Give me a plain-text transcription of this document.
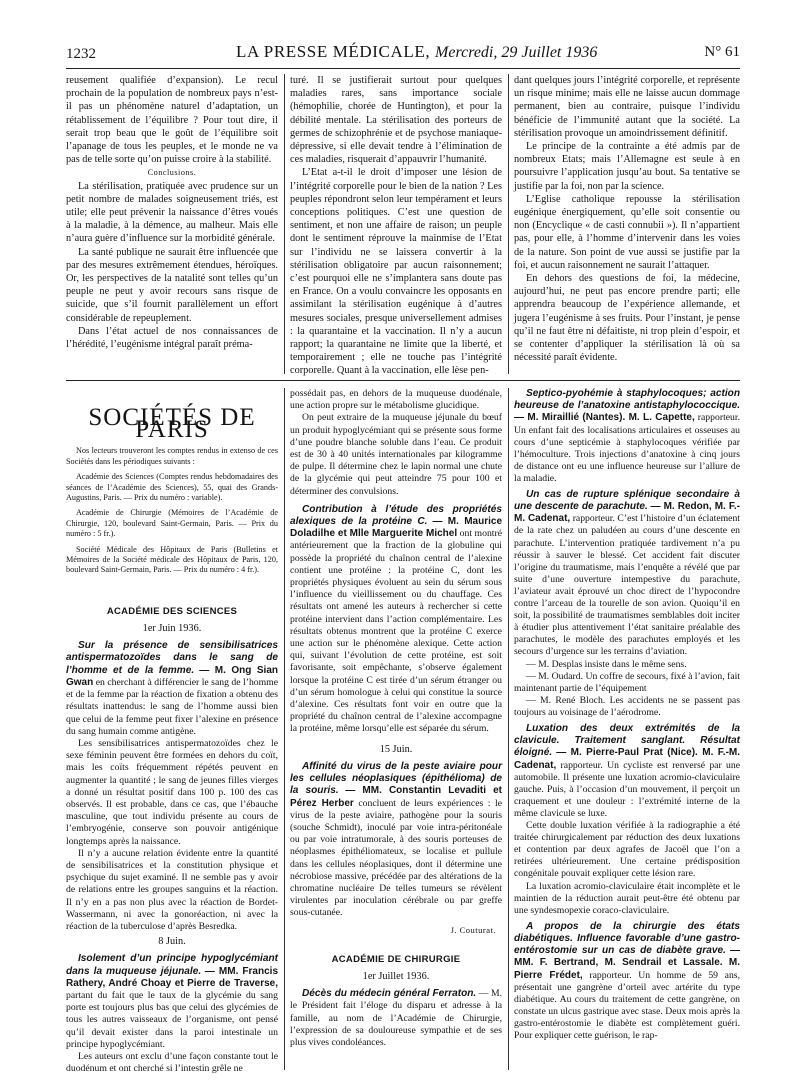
1232	LA PRESSE MÉDICALE, Mercredi, 29 Juillet 1936	N° 61

reusement qualifiée d’expansion). Le recul prochain de la population de nombreux pays n’est-il pas un phénomène naturel d’adaptation, un rétablissement de l’équilibre ? Pour tout dire, il serait trop beau que le goût de l’équilibre soit l’apanage de tous les peuples, et le monde ne va pas de telle sorte qu’on puisse croire à la stabilité.

Conclusions.

La stérilisation, pratiquée avec prudence sur un petit nombre de malades soigneusement triés, est utile; elle peut prévenir la naissance d’êtres voués à la maladie, à la démence, au malheur. Mais elle n’aura guère d’influence sur la morbidité générale.

La santé publique ne saurait être influencée que par des mesures extrêmement étendues, héroïques. Or, les perspectives de la natalité sont telles qu’un peuple ne peut y avoir recours sans risque de suicide, que s’il fournit parallèlement un effort considérable de repeuplement.

Dans l’état actuel de nos connaissances de l’hérédité, l’eugénisme intégral paraît préma-

turé. Il se justifierait surtout pour quelques maladies rares, sans importance sociale (hémophilie, chorée de Huntington), et pour la débilité mentale. La stérilisation des porteurs de germes de schizophrénie et de psychose maniaque-dépressive, si elle devait tendre à l’élimination de ces maladies, risquerait d’appauvrir l’humanité.

L’Etat a-t-il le droit d’imposer une lésion de l’intégrité corporelle pour le bien de la nation ? Les peuples répondront selon leur tempérament et leurs conceptions politiques. C’est une question de sentiment, et non une affaire de raison; un peuple dont le sentiment réprouve la mainmise de l’Etat sur l’individu ne se laissera convertir à la stérilisation obligatoire par aucun raisonnement; c’est pourquoi elle ne s’implantera sans doute pas en France. On a voulu convaincre les opposants en assimilant la stérilisation eugénique à d’autres mesures sociales, presque universellement admises : la quarantaine et la vaccination. Il n’y a aucun rapport; la quarantaine ne limite que la liberté, et temporairement ; elle ne touche pas l’intégrité corporelle. Quant à la vaccination, elle lèse pen-

dant quelques jours l’intégrité corporelle, et représente un risque minime; mais elle ne laisse aucun dommage permanent, bien au contraire, puisque l’individu bénéficie de l’immunité autant que la société. La stérilisation provoque un amoindrissement définitif.

Le principe de la contrainte a été admis par de nombreux Etats; mais l’Allemagne est seule à en poursuivre l’application jusqu’au bout. Sa tentative se justifie par la foi, non par la science.

L’Eglise catholique repousse la stérilisation eugénique énergiquement, qu’elle soit consentie ou non (Encyclique « de casti connubii »). Il n’appartient pas, pour elle, à l’homme d’intervenir dans les voies de la nature. Son point de vue aussi se justifie par la foi, et aucun raisonnement ne saurait l’attaquer.

En dehors des questions de foi, la médecine, aujourd’hui, ne peut pas encore prendre parti; elle apprendra beaucoup de l’expérience allemande, et jugera l’eugénisme à ses fruits. Pour l’instant, je pense qu’il ne faut être ni défaitiste, ni trop plein d’espoir, et se contenter d’appliquer la stérilisation là où sa nécessité paraît évidente.

SOCIÉTÉS DE PARIS

Nos lecteurs trouveront les comptes rendus in extenso de ces Sociétés dans les périodiques suivants :

Académie des Sciences (Comptes rendus hebdomadaires des séances de l’Académie des Sciences), 55, quai des Grands-Augustins, Paris. — Prix du numéro : variable).

Académie de Chirurgie (Mémoires de l’Académie de Chirurgie, 120, boulevard Saint-Germain, Paris. — Prix du numéro : 5 fr.).

Société Médicale des Hôpitaux de Paris (Bulletins et Mémoires de la Société médicale des Hôpitaux de Paris, 120, boulevard Saint-Germain, Paris. — Prix du numéro : 4 fr.).

ACADÉMIE DES SCIENCES
1er Juin 1936.

Sur la présence de sensibilisatrices antispermatozoïdes dans le sang de l’homme et de la femme. — M. Ong Sian Gwan en cherchant à différencier le sang de l’homme et de la femme par la réaction de fixation a obtenu des résultats inattendus: le sang de l’homme aussi bien que celui de la femme peut fixer l’alexine en présence du sang humain comme antigène.

Les sensibilisatrices antispermatozoïdes chez le sexe féminin peuvent être formées en dehors du coït, mais les coïts fréquemment répétés peuvent en augmenter la quantité ; le sang de jeunes filles vierges a donné un résultat positif dans 100 p. 100 des cas observés. Il est probable, dans ce cas, que l’ébauche masculine, que tout individu présente au cours de l’embryogénie, conserve son pouvoir antigénique longtemps après la naissance.

Il n’y a aucune relation évidente entre la quantité de sensibilisatrices et la constitution physique et psychique du sujet examiné. Il ne semble pas y avoir de relations entre les groupes sanguins et la réaction. Il n’y en a pas non plus avec la réaction de Bordet-Wassermann, ni avec la gonoréaction, ni avec la réaction de la tuberculose d’après Besredka.

8 Juin.

Isolement d’un principe hypoglycémiant dans la muqueuse jéjunale. — MM. Francis Rathery, André Choay et Pierre de Traverse, partant du fait que le taux de la glycémie du sang porte est toujours plus bas que celui des glycémies de tous les autres vaisseaux de l’organisme, ont pensé qu’il devait exister dans la paroi intestinale un principe hypoglycémiant.

Les auteurs ont exclu d’une façon constante tout le duodénum et ont cherché si l’intestin grêle ne

possédait pas, en dehors de la muqueuse duodénale, une action propre sur le métabolisme glucidique.

On peut extraire de la muqueuse jéjunale du bœuf un produit hypoglycémiant qui se présente sous forme d’une poudre blanche soluble dans l’eau. Ce produit est de 30 à 40 unités internationales par kilogramme de pulpe. Il détermine chez le lapin normal une chute de la glycémie qui peut atteindre 75 pour 100 et déterminer des convulsions.

Contribution à l’étude des propriétés alexiques de la protéine C. — M. Maurice Doladilhe et Mlle Marguerite Michel ont montré antérieurement que la fraction de la globuline qui possède la propriété du chaînon central de l’alexine contient une protéine : la protéine C, dont les propriétés physiques évoluent au sein du sérum sous l’influence du vieillissement ou du chauffage. Ces résultats ont amené les auteurs à rechercher si cette protéine intervient dans l’action complémentaire. Les résultats obtenus montrent que la protéine C exerce une action sur le phénomène alexique. Cette action qui, suivant l’évolution de cette protéine, est soit favorisante, soit empêchante, s’observe également lorsque la protéine C est tirée d’un sérum étranger ou d’un sérum homologue à celui qui constitue la source d’alexine. Ces résultats font voir en outre que la propriété du chaînon central de l’alexine accompagne la protéine, même lorsqu’elle est séparée du sérum.

15 Juin.

Affinité du virus de la peste aviaire pour les cellules néoplasiques (épithélioma) de la souris. — MM. Constantin Levaditi et Pérez Herber concluent de leurs expériences : le virus de la peste aviaire, pathogène pour la souris (souche Schmidt), inoculé par voie intra-péritonéale ou par voie intratumorale, à des souris porteuses de néoplasmes épithéliomateux, se localise et pullule dans les cellules néoplasiques, dont il détermine une nécrobiose massive, précédée par des altérations de la chromatine nucléaire De telles tumeurs se révèlent virulentes par inoculation cérébrale ou par greffe sous-cutanée.

J. Couturat.
ACADÉMIE DE CHIRURGIE
1er Juillet 1936.

Décès du médecin général Ferraton. — M. le Président fait l’éloge du disparu et adresse à la famille, au nom de l’Académie de Chirurgie, l’expression de sa douloureuse sympathie et de ses plus vives condoléances.

Septico-pyohémie à staphylocoques; action heureuse de l’anatoxine antistaphylococcique. — M. Miraillié (Nantes). M. L. Capette, rapporteur. Un enfant fait des localisations articulaires et osseuses au cours d’une septicémie à staphylocoques vérifiée par l’hémoculture. Trois injections d’anatoxine à cinq jours de distance ont eu une influence heureuse sur l’allure de la maladie.

Un cas de rupture splénique secondaire à une descente de parachute. — M. Redon, M. F.-M. Cadenat, rapporteur. C’est l’histoire d’un éclatement de la rate chez un paludéen au cours d’une descente en parachute. L’intervention pratiquée tardivement n’a pu réussir à sauver le blessé. Cet accident fait discuter l’origine du traumatisme, mais l’enquête a révélé que par suite d’une ouverture intempestive du parachute, l’aviateur avait éprouvé un choc direct de l’hypocondre contre l’arceau de la tourelle de son avion. Quoiqu’il en soit, la possibilité de traumatismes semblables doit inciter à étudier plus attentivement l’état sanitaire préalable des parachutes, le modèle des parachutes employés et les secours d’urgence sur les terrains d’aviation.

— M. Desplas insiste dans le même sens.

— M. Oudard. Un coffre de secours, fixé à l’avion, fait maintenant partie de l’équipement

— M. René Bloch. Les accidents ne se passent pas toujours au voisinage de l’aérodrome.

Luxation des deux extrémités de la clavicule. Traitement sanglant. Résultat éloigné. — M. Pierre-Paul Prat (Nice). M. F.-M. Cadenat, rapporteur. Un cycliste est renversé par une automobile. Il présente une luxation acromio-claviculaire gauche. Puis, à l’occasion d’un mouvement, il perçoit un craquement et une douleur : l’extrémité interne de la même clavicule se luxe.

Cette double luxation vérifiée à la radiographie a été traitée chirurgicalement par réduction des deux luxations et contention par deux agrafes de Jacoël que l’on a retirées ultérieurement. Une certaine prédisposition congénitale pouvait expliquer cette lésion rare.

La luxation acromio-claviculaire était incomplète et le maintien de la réduction aurait peut-être été obtenu par une syndesmopexie coraco-claviculaire.

A propos de la chirurgie des états diabétiques. Influence favorable d’une gastro-entérostomie sur un cas de diabète grave. — MM. F. Bertrand, M. Sendrail et Lassale. M. Pierre Frédet, rapporteur. Un homme de 59 ans, présentait une gangrène d’orteil avec artérite du type diabétique. Au cours du traitement de cette gangrène, on constate un ulcus gastrique avec stase. Deux mois après la gastro-entérostomie le diabète est complètement guéri. Pour expliquer cette guérison, le rap-
